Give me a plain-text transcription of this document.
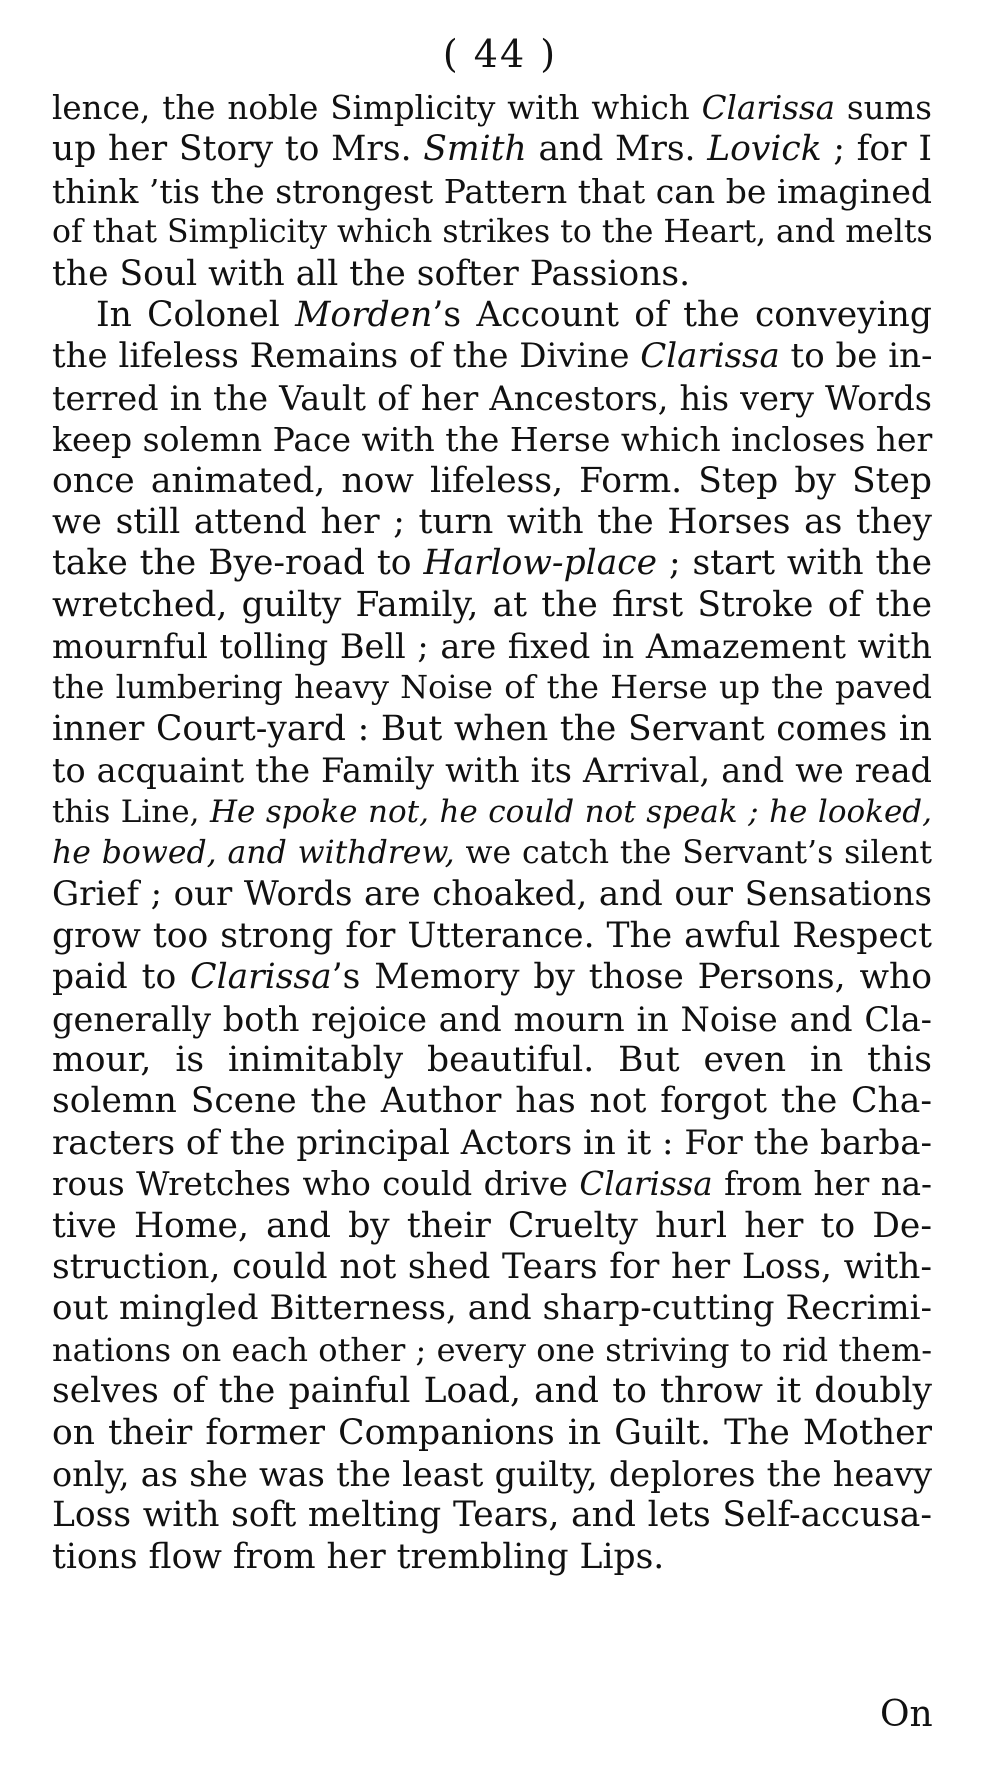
( 44 )
lence, the noble Simplicity with which Clarissa sums
up her Story to Mrs. Smith and Mrs. Lovick ; for I
think ’tis the strongest Pattern that can be imagined
of that Simplicity which strikes to the Heart, and melts
the Soul with all the softer Passions.
In Colonel Morden’s Account of the conveying
the lifeless Remains of the Divine Clarissa to be in-
terred in the Vault of her Ancestors, his very Words
keep solemn Pace with the Herse which incloses her
once animated, now lifeless, Form. Step by Step
we still attend her ; turn with the Horses as they
take the Bye-road to Harlow-place ; start with the
wretched, guilty Family, at the first Stroke of the
mournful tolling Bell ; are fixed in Amazement with
the lumbering heavy Noise of the Herse up the paved
inner Court-yard : But when the Servant comes in
to acquaint the Family with its Arrival, and we read
this Line, He spoke not, he could not speak ; he looked,
he bowed, and withdrew, we catch the Servant’s silent
Grief ; our Words are choaked, and our Sensations
grow too strong for Utterance. The awful Respect
paid to Clarissa’s Memory by those Persons, who
generally both rejoice and mourn in Noise and Cla-
mour, is inimitably beautiful. But even in this
solemn Scene the Author has not forgot the Cha-
racters of the principal Actors in it : For the barba-
rous Wretches who could drive Clarissa from her na-
tive Home, and by their Cruelty hurl her to De-
struction, could not shed Tears for her Loss, with-
out mingled Bitterness, and sharp-cutting Recrimi-
nations on each other ; every one striving to rid them-
selves of the painful Load, and to throw it doubly
on their former Companions in Guilt. The Mother
only, as she was the least guilty, deplores the heavy
Loss with soft melting Tears, and lets Self-accusa-
tions flow from her trembling Lips.
On
